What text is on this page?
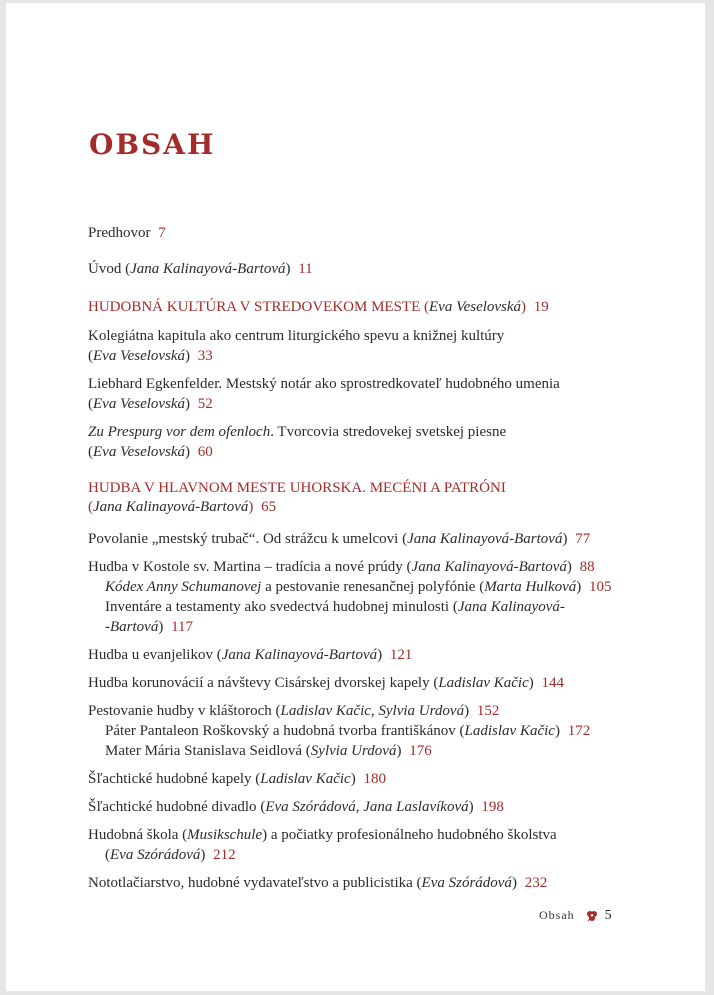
OBSAH
Predhovor 7
Úvod (Jana Kalinayová-Bartová) 11
HUDOBNÁ KULTÚRA V STREDOVEKOM MESTE (Eva Veselovská) 19
Kolegiátna kapitula ako centrum liturgického spevu a knižnej kultúry
(Eva Veselovská) 33
Liebhard Egkenfelder. Mestský notár ako sprostredkovateľ hudobného umenia
(Eva Veselovská) 52
Zu Prespurg vor dem ofenloch. Tvorcovia stredovekej svetskej piesne
(Eva Veselovská) 60
HUDBA V HLAVNOM MESTE UHORSKA. MECÉNI A PATRÓNI
(Jana Kalinayová-Bartová) 65
Povolanie „mestský trubač“. Od strážcu k umelcovi (Jana Kalinayová-Bartová) 77
Hudba v Kostole sv. Martina – tradícia a nové prúdy (Jana Kalinayová-Bartová) 88
Kódex Anny Schumanovej a pestovanie renesančnej polyfónie (Marta Hulková) 105
Inventáre a testamenty ako svedectvá hudobnej minulosti (Jana Kalinayová-
-Bartová) 117
Hudba u evanjelikov (Jana Kalinayová-Bartová) 121
Hudba korunovácií a návštevy Cisárskej dvorskej kapely (Ladislav Kačic) 144
Pestovanie hudby v kláštoroch (Ladislav Kačic, Sylvia Urdová) 152
Páter Pantaleon Roškovský a hudobná tvorba františkánov (Ladislav Kačic) 172
Mater Mária Stanislava Seidlová (Sylvia Urdová) 176
Šľachtické hudobné kapely (Ladislav Kačic) 180
Šľachtické hudobné divadlo (Eva Szórádová, Jana Laslavíková) 198
Hudobná škola (Musikschule) a počiatky profesionálneho hudobného školstva
(Eva Szórádová) 212
Nototlačiarstvo, hudobné vydavateľstvo a publicistika (Eva Szórádová) 232
Obsah 5
